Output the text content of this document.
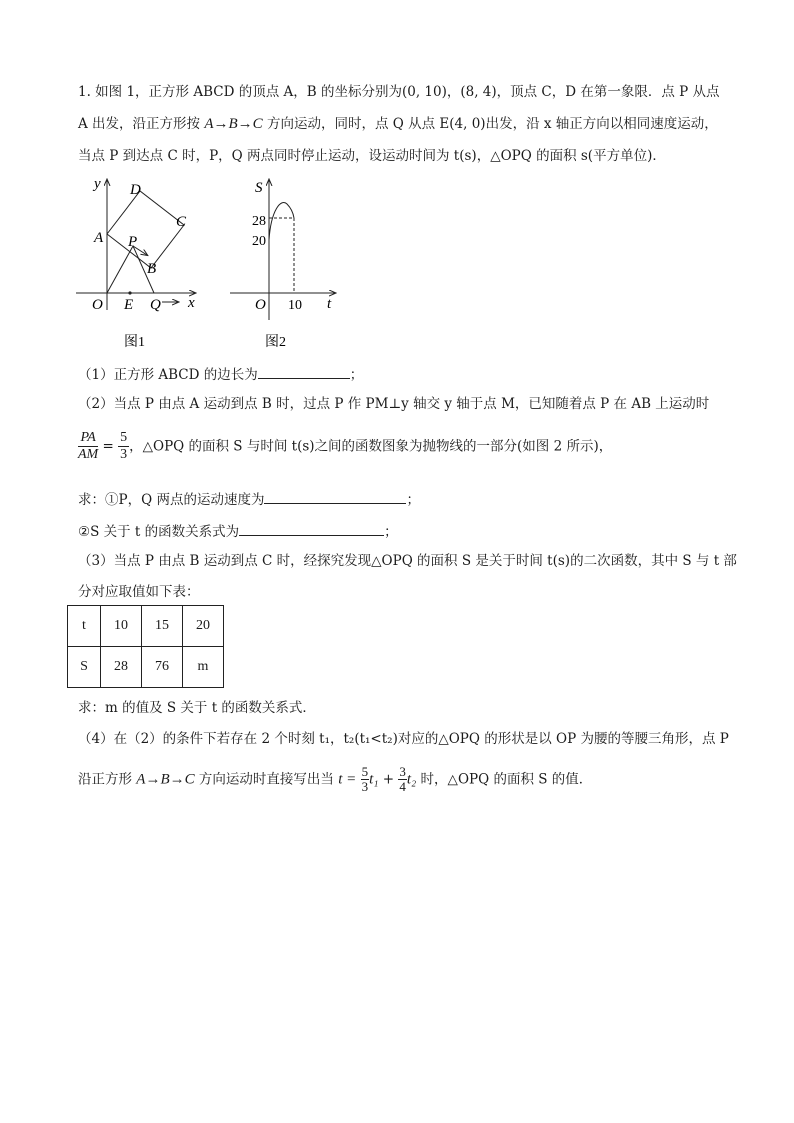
1. 如图 1，正方形 ABCD 的顶点 A，B 的坐标分别为(0, 10)，(8, 4)，顶点 C，D 在第一象限．点 P 从点
A 出发，沿正方形按 A→B→C 方向运动，同时，点 Q 从点 E(4, 0)出发，沿 x 轴正方向以相同速度运动，
当点 P 到达点 C 时，P，Q 两点同时停止运动，设运动时间为 t(s)，△OPQ 的面积 s(平方单位)．
y
x
O E Q
A
B
C
D
P
图1
S
t
O
28
20
10
图2
（1）正方形 ABCD 的边长为	；
（2）当点 P 由点 A 运动到点 B 时，过点 P 作 PM⊥y 轴交 y 轴于点 M，已知随着点 P 在 AB 上运动时
$\frac{PA}{AM} = \frac{5}{3}$ ，△OPQ 的面积 S 与时间 t(s)之间的函数图象为抛物线的一部分(如图 2 所示)，
求：①P，Q 两点的运动速度为	；
②S 关于 t 的函数关系式为	；
（3）当点 P 由点 B 运动到点 C 时，经探究发现△OPQ 的面积 S 是关于时间 t(s)的二次函数，其中 S 与 t 部
分对应取值如下表：
t	10	15	20
S	28	76	m
求：m 的值及 S 关于 t 的函数关系式．
（4）在（2）的条件下若存在 2 个时刻 t₁，t₂(t₁<t₂)对应的△OPQ 的形状是以 OP 为腰的等腰三角形，点 P
沿正方形 A→B→C 方向运动时直接写出当 $t = \frac{5}{3} t_1 + \frac{3}{4} t_2$ 时，△OPQ 的面积 S 的值．
